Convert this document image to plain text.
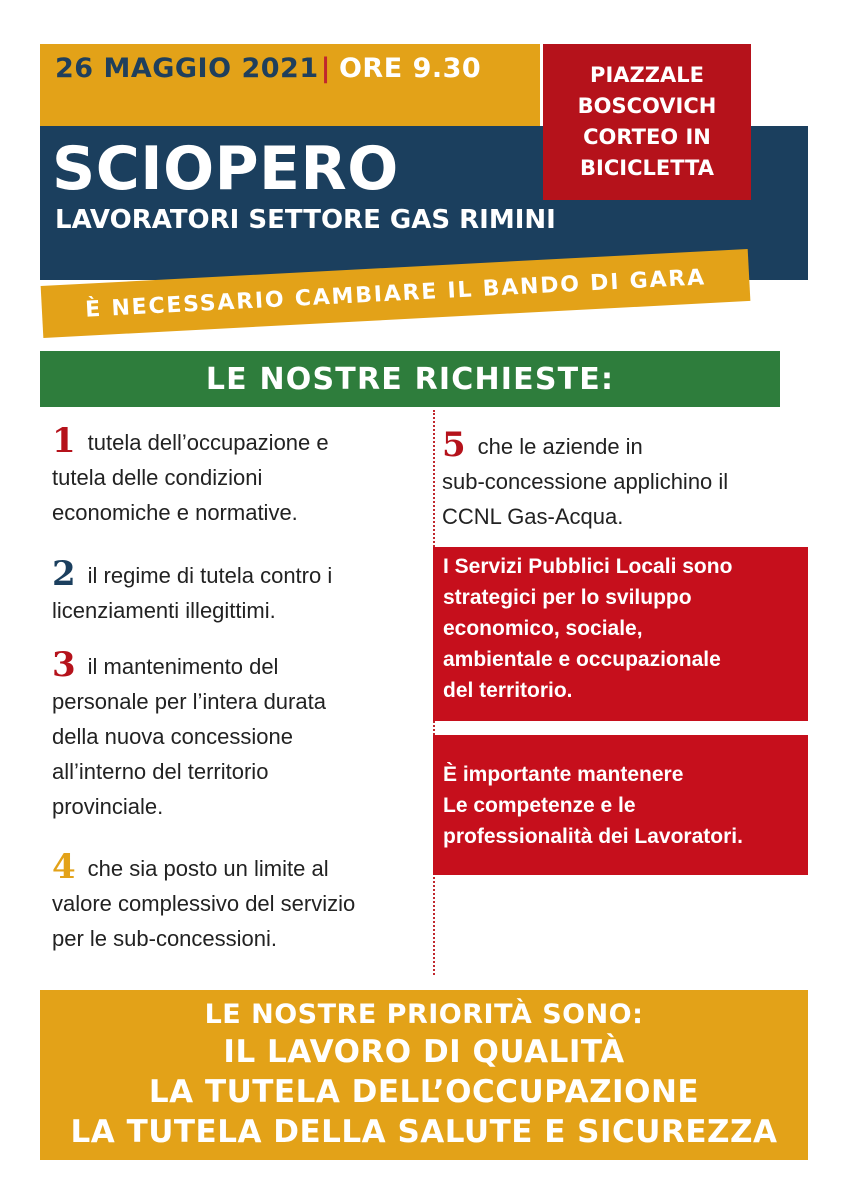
26 MAGGIO 2021| ORE 9.30
SCIOPERO
LAVORATORI SETTORE GAS RIMINI
PIAZZALE
BOSCOVICH
CORTEO IN
BICICLETTA
È NECESSARIO CAMBIARE IL BANDO DI GARA
LE NOSTRE RICHIESTE:
1 tutela dell’occupazione e
tutela delle condizioni
economiche e normative.
2 il regime di tutela contro i
licenziamenti illegittimi.
3 il mantenimento del
personale per l’intera durata
della nuova concessione
all’interno del territorio
provinciale.
4 che sia posto un limite al
valore complessivo del servizio
per le sub-concessioni.
5 che le aziende in
sub-concessione applichino il
CCNL Gas-Acqua.
I Servizi Pubblici Locali sono
strategici per lo sviluppo
economico, sociale,
ambientale e occupazionale
del territorio.
È importante mantenere
Le competenze e le
professionalità dei Lavoratori.
LE NOSTRE PRIORITÀ SONO:
IL LAVORO DI QUALITÀ
LA TUTELA DELL’OCCUPAZIONE
LA TUTELA DELLA SALUTE E SICUREZZA
